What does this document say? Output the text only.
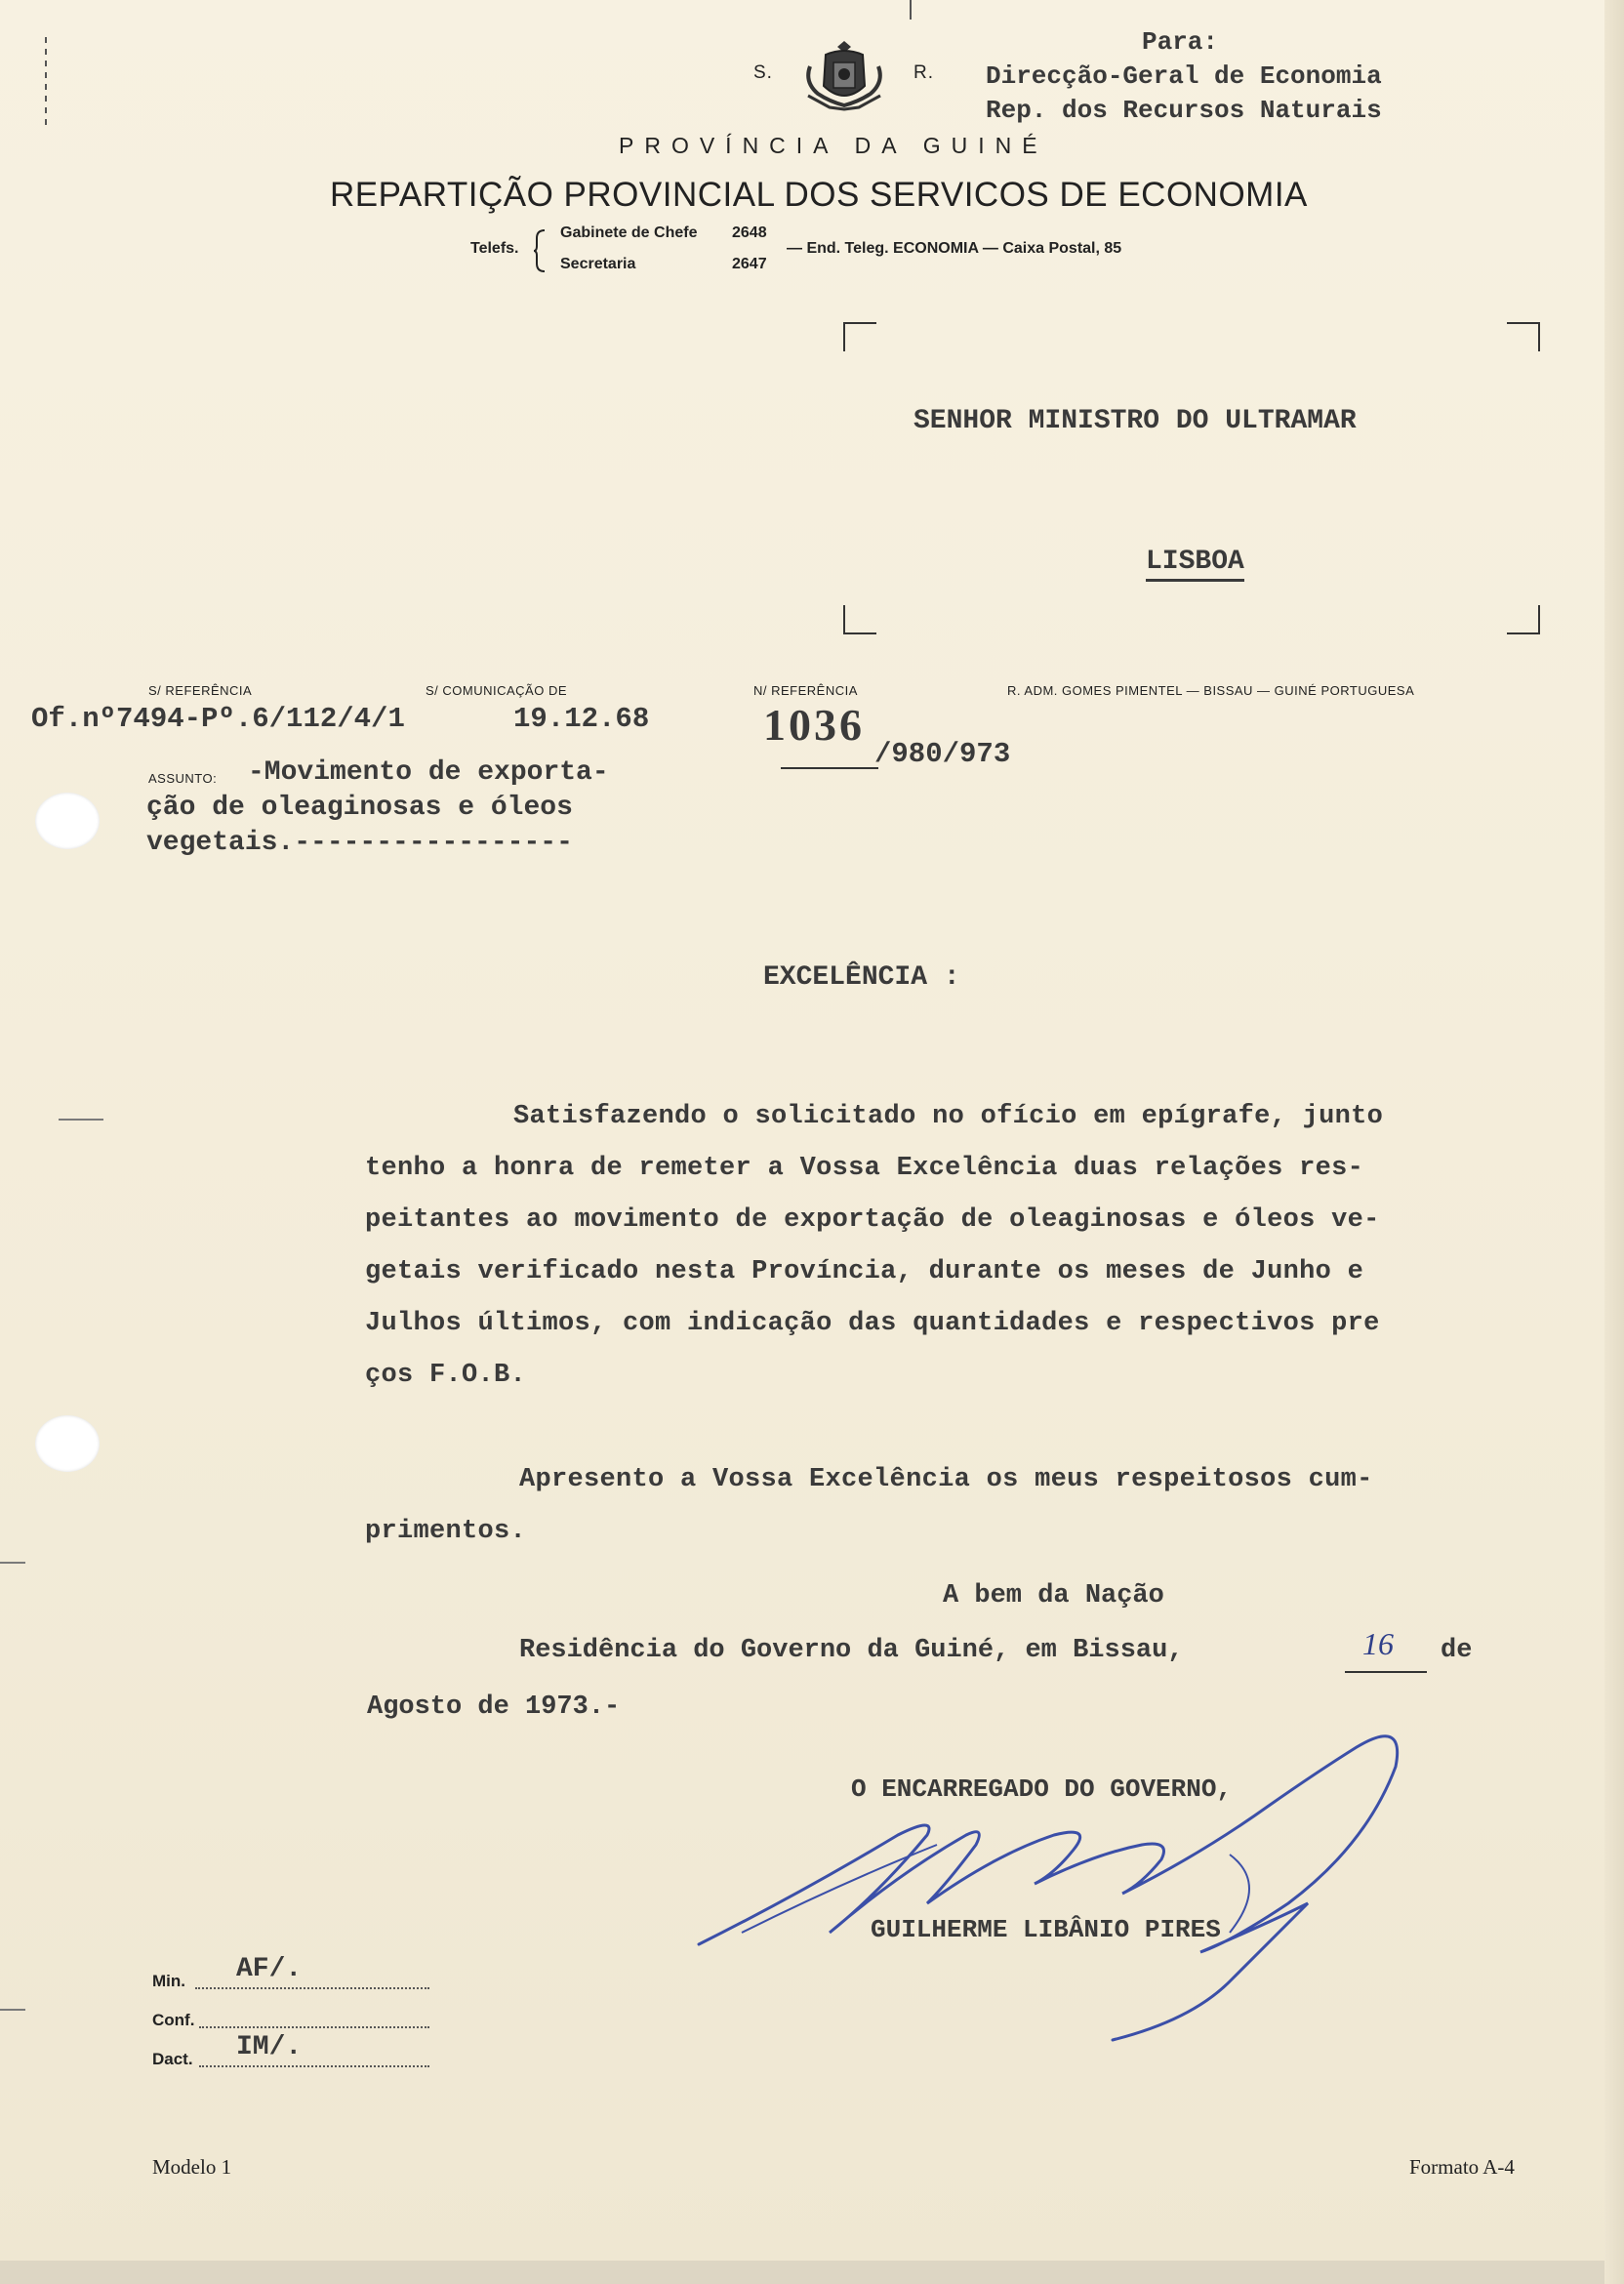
Para:
Direcção-Geral de Economia
Rep. dos Recursos Naturais
S.	R.
PROVÍNCIA DA GUINÉ
REPARTIÇÃO PROVINCIAL DOS SERVICOS DE ECONOMIA
Telefs.
Gabinete de Chefe 2648
Secretaria	2647
— End. Teleg. ECONOMIA — Caixa Postal, 85
SENHOR MINISTRO DO ULTRAMAR
LISBOA
S/ REFERÊNCIA	S/ COMUNICAÇÃO DE	N/ REFERÊNCIA	R. ADM. GOMES PIMENTEL — BISSAU — GUINÉ PORTUGUESA
Of.nº7494-Pº.6/112/4/1	19.12.68	1036
/980/973
ASSUNTO: -Movimento de exporta-
ção de oleaginosas e óleos
vegetais.-----------------
EXCELÊNCIA :
Satisfazendo o solicitado no ofício em epígrafe, junto
tenho a honra de remeter a Vossa Excelência duas relações res-
peitantes ao movimento de exportação de oleaginosas e óleos ve-
getais verificado nesta Província, durante os meses de Junho e
Julhos últimos, com indicação das quantidades e respectivos pre
ços F.O.B.
Apresento a Vossa Excelência os meus respeitosos cum-
primentos.
A bem da Nação
Residência do Governo da Guiné, em Bissau,	16 de
Agosto de 1973.-
O ENCARREGADO DO GOVERNO,
GUILHERME LIBÂNIO PIRES
Min. AF/.
Conf.
Dact. IM/.
Modelo 1	Formato A-4
